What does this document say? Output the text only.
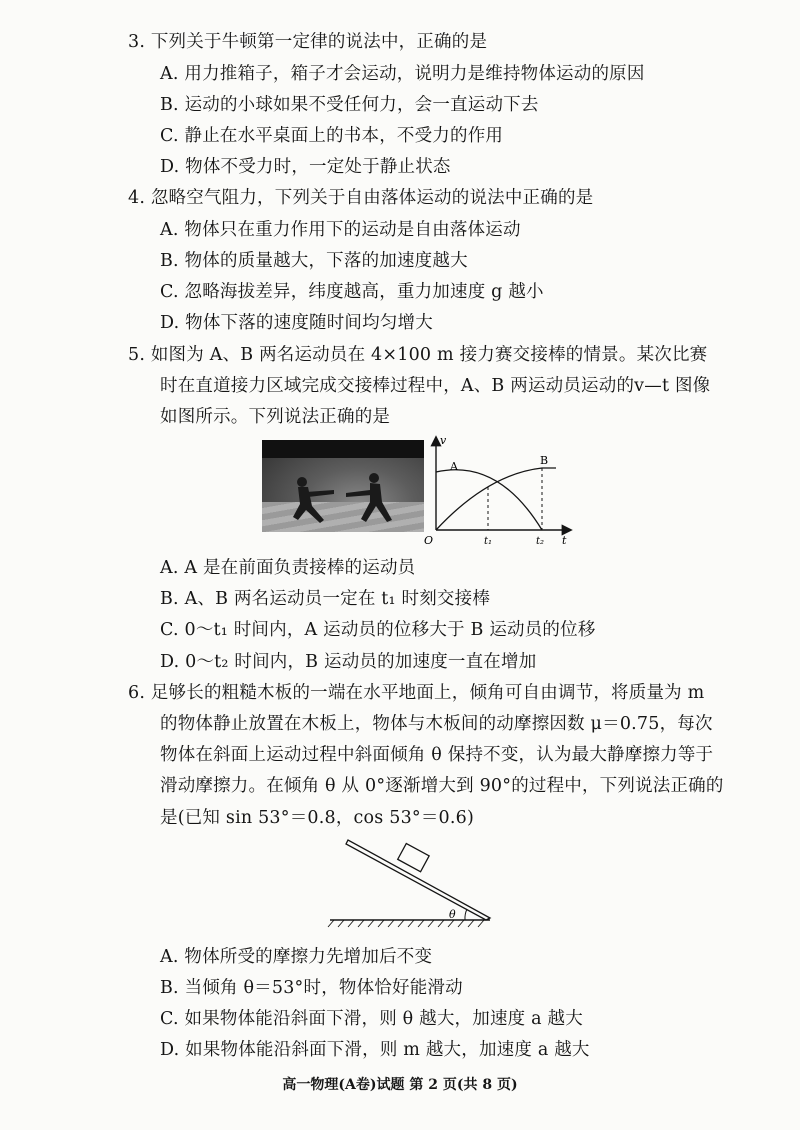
3. 下列关于牛顿第一定律的说法中，正确的是
A. 用力推箱子，箱子才会运动，说明力是维持物体运动的原因
B. 运动的小球如果不受任何力，会一直运动下去
C. 静止在水平桌面上的书本，不受力的作用
D. 物体不受力时，一定处于静止状态
4. 忽略空气阻力，下列关于自由落体运动的说法中正确的是
A. 物体只在重力作用下的运动是自由落体运动
B. 物体的质量越大，下落的加速度越大
C. 忽略海拔差异，纬度越高，重力加速度 g 越小
D. 物体下落的速度随时间均匀增大
5. 如图为 A、B 两名运动员在 4×100 m 接力赛交接棒的情景。某次比赛
时在直道接力区域完成交接棒过程中，A、B 两运动员运动的v—t 图像
如图所示。下列说法正确的是
v
t
O
A	B
t₁	t₂
A. A 是在前面负责接棒的运动员
B. A、B 两名运动员一定在 t₁ 时刻交接棒
C. 0～t₁ 时间内，A 运动员的位移大于 B 运动员的位移
D. 0～t₂ 时间内，B 运动员的加速度一直在增加
6. 足够长的粗糙木板的一端在水平地面上，倾角可自由调节，将质量为 m
的物体静止放置在木板上，物体与木板间的动摩擦因数 μ＝0.75，每次
物体在斜面上运动过程中斜面倾角 θ 保持不变，认为最大静摩擦力等于
滑动摩擦力。在倾角 θ 从 0°逐渐增大到 90°的过程中，下列说法正确的
是(已知 sin 53°＝0.8，cos 53°＝0.6)
θ
A. 物体所受的摩擦力先增加后不变
B. 当倾角 θ＝53°时，物体恰好能滑动
C. 如果物体能沿斜面下滑，则 θ 越大，加速度 a 越大
D. 如果物体能沿斜面下滑，则 m 越大，加速度 a 越大
高一物理(A卷)试题 第 2 页(共 8 页)
